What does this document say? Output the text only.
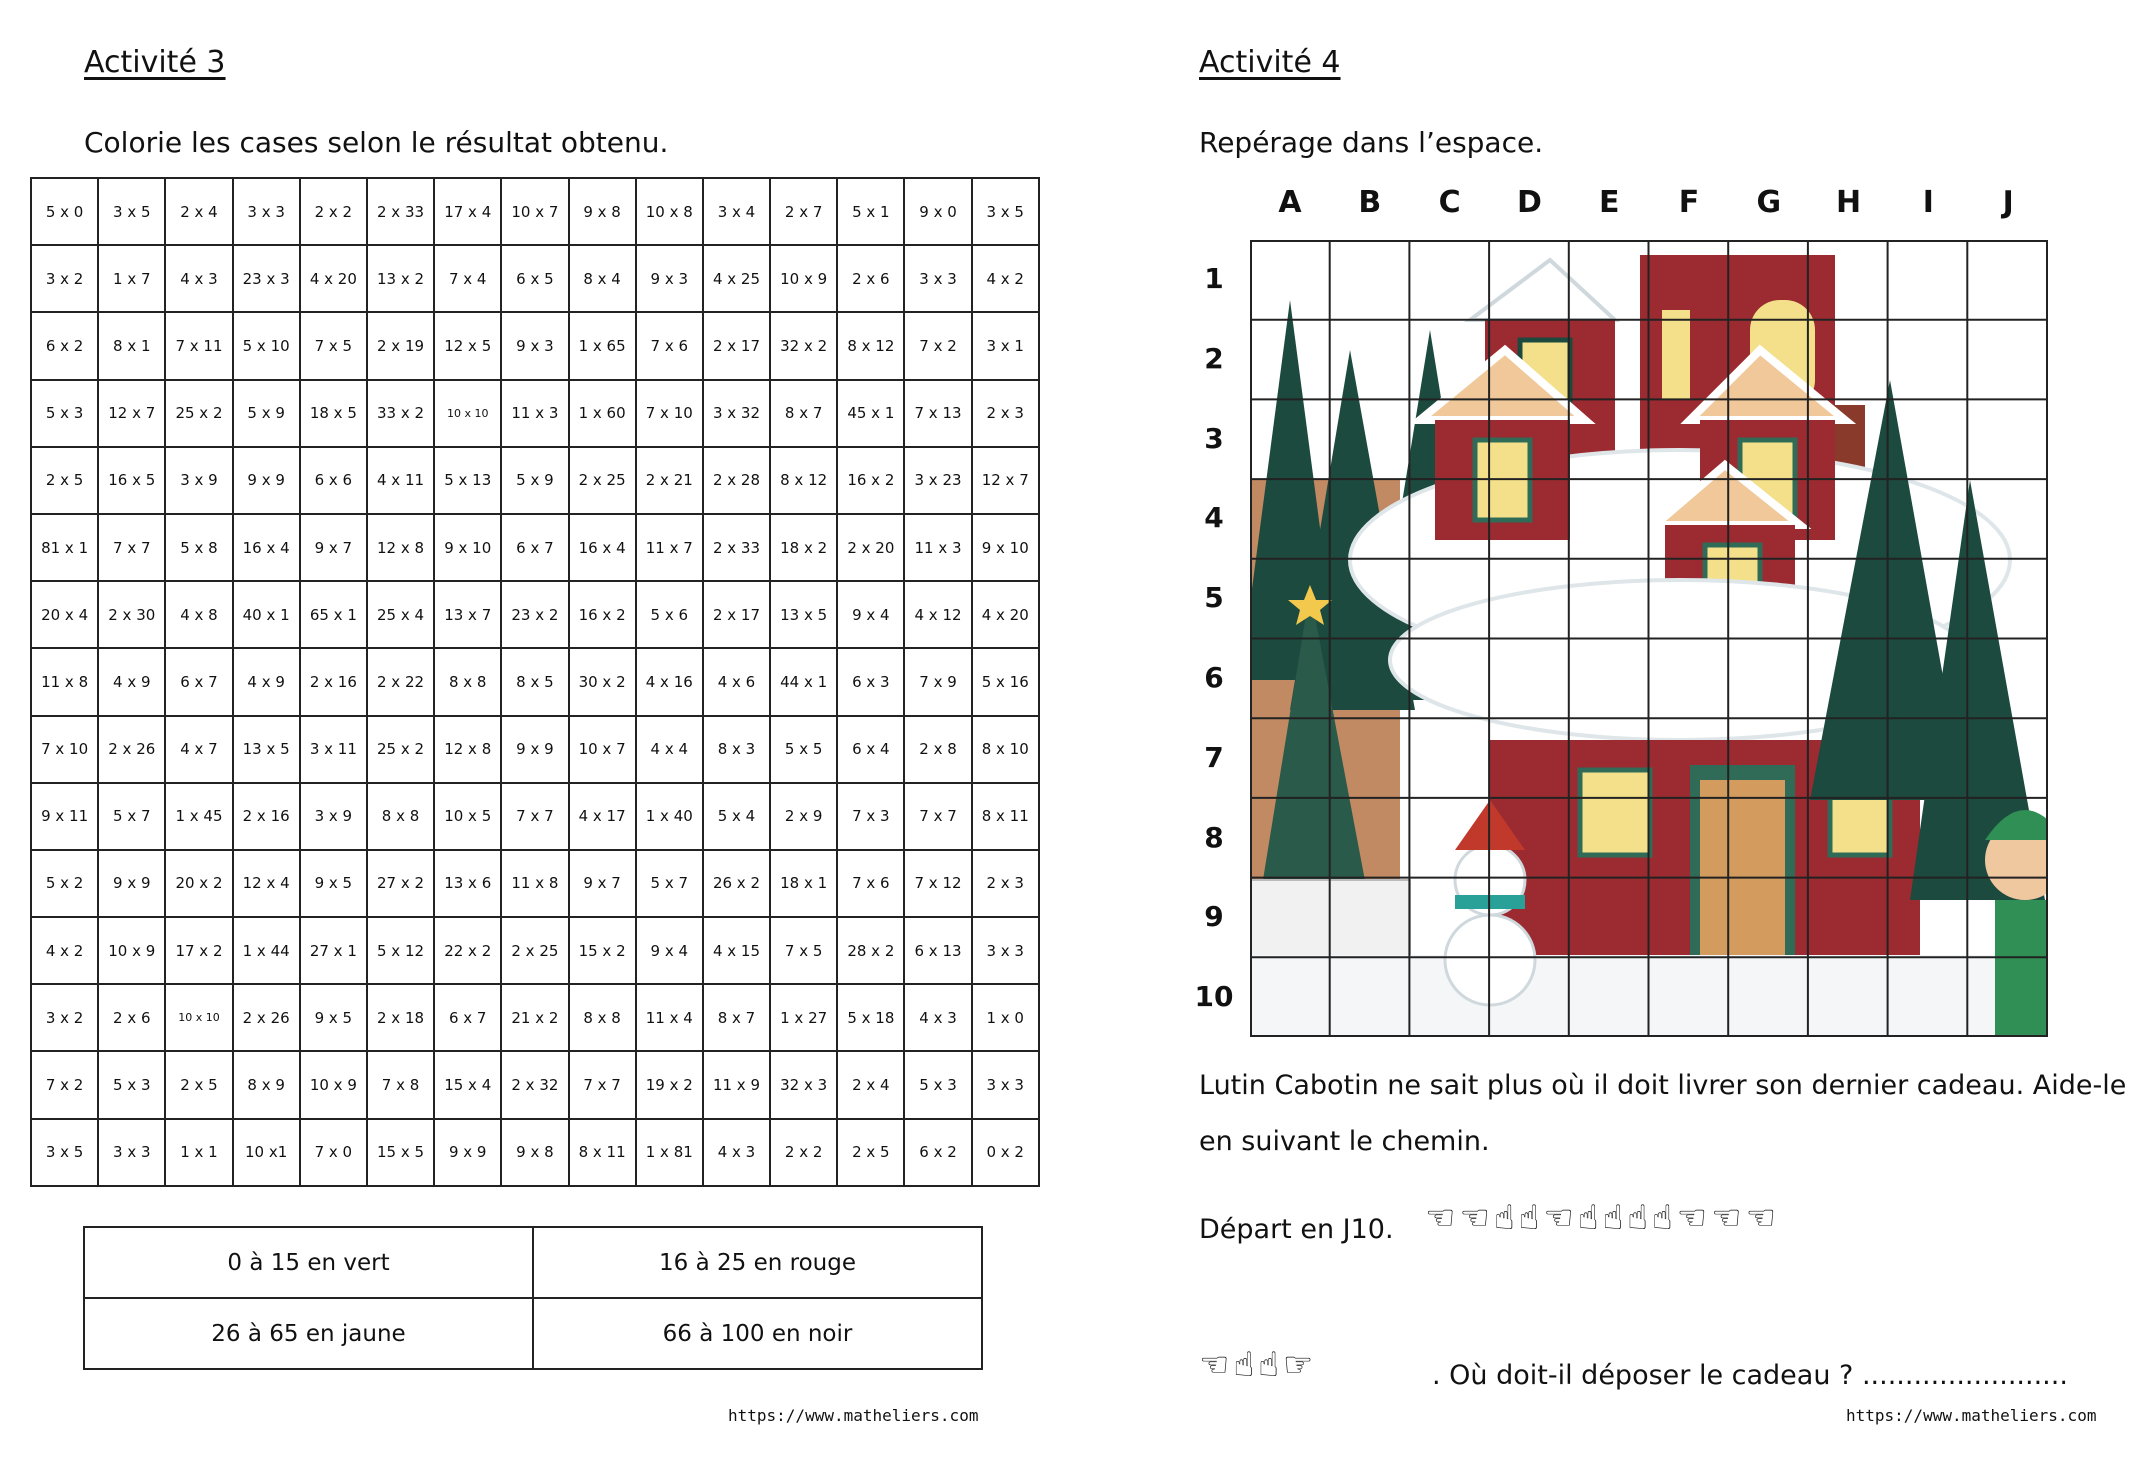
Activité 3
Colorie les cases selon le résultat obtenu.
5 x 0	3 x 5	2 x 4	3 x 3	2 x 2	2 x 33	17 x 4	10 x 7	9 x 8	10 x 8	3 x 4	2 x 7	5 x 1	9 x 0	3 x 5
3 x 2	1 x 7	4 x 3	23 x 3	4 x 20	13 x 2	7 x 4	6 x 5	8 x 4	9 x 3	4 x 25	10 x 9	2 x 6	3 x 3	4 x 2
6 x 2	8 x 1	7 x 11	5 x 10	7 x 5	2 x 19	12 x 5	9 x 3	1 x 65	7 x 6	2 x 17	32 x 2	8 x 12	7 x 2	3 x 1
5 x 3	12 x 7	25 x 2	5 x 9	18 x 5	33 x 2	10 x 10	11 x 3	1 x 60	7 x 10	3 x 32	8 x 7	45 x 1	7 x 13	2 x 3
2 x 5	16 x 5	3 x 9	9 x 9	6 x 6	4 x 11	5 x 13	5 x 9	2 x 25	2 x 21	2 x 28	8 x 12	16 x 2	3 x 23	12 x 7
81 x 1	7 x 7	5 x 8	16 x 4	9 x 7	12 x 8	9 x 10	6 x 7	16 x 4	11 x 7	2 x 33	18 x 2	2 x 20	11 x 3	9 x 10
20 x 4	2 x 30	4 x 8	40 x 1	65 x 1	25 x 4	13 x 7	23 x 2	16 x 2	5 x 6	2 x 17	13 x 5	9 x 4	4 x 12	4 x 20
11 x 8	4 x 9	6 x 7	4 x 9	2 x 16	2 x 22	8 x 8	8 x 5	30 x 2	4 x 16	4 x 6	44 x 1	6 x 3	7 x 9	5 x 16
7 x 10	2 x 26	4 x 7	13 x 5	3 x 11	25 x 2	12 x 8	9 x 9	10 x 7	4 x 4	8 x 3	5 x 5	6 x 4	2 x 8	8 x 10
9 x 11	5 x 7	1 x 45	2 x 16	3 x 9	8 x 8	10 x 5	7 x 7	4 x 17	1 x 40	5 x 4	2 x 9	7 x 3	7 x 7	8 x 11
5 x 2	9 x 9	20 x 2	12 x 4	9 x 5	27 x 2	13 x 6	11 x 8	9 x 7	5 x 7	26 x 2	18 x 1	7 x 6	7 x 12	2 x 3
4 x 2	10 x 9	17 x 2	1 x 44	27 x 1	5 x 12	22 x 2	2 x 25	15 x 2	9 x 4	4 x 15	7 x 5	28 x 2	6 x 13	3 x 3
3 x 2	2 x 6	10 x 10	2 x 26	9 x 5	2 x 18	6 x 7	21 x 2	8 x 8	11 x 4	8 x 7	1 x 27	5 x 18	4 x 3	1 x 0
7 x 2	5 x 3	2 x 5	8 x 9	10 x 9	7 x 8	15 x 4	2 x 32	7 x 7	19 x 2	11 x 9	32 x 3	2 x 4	5 x 3	3 x 3
3 x 5	3 x 3	1 x 1	10 x1	7 x 0	15 x 5	9 x 9	9 x 8	8 x 11	1 x 81	4 x 3	2 x 2	2 x 5	6 x 2	0 x 2
0 à 15 en vert	16 à 25 en rouge
26 à 65 en jaune	66 à 100 en noir
https://www.matheliers.com
Activité 4
Repérage dans l’espace.
A	B	C	D	E	F	G	H	I	J
1
2
3
4
5
6
7
8
9
10
Lutin Cabotin ne sait plus où il doit livrer son dernier cadeau. Aide-le
en suivant le chemin.
Départ en J10. ☜☜☝☝☜☝☝☝☝☜☜☜
☜☝☝☞	. Où doit-il déposer le cadeau ? ........................
https://www.matheliers.com
